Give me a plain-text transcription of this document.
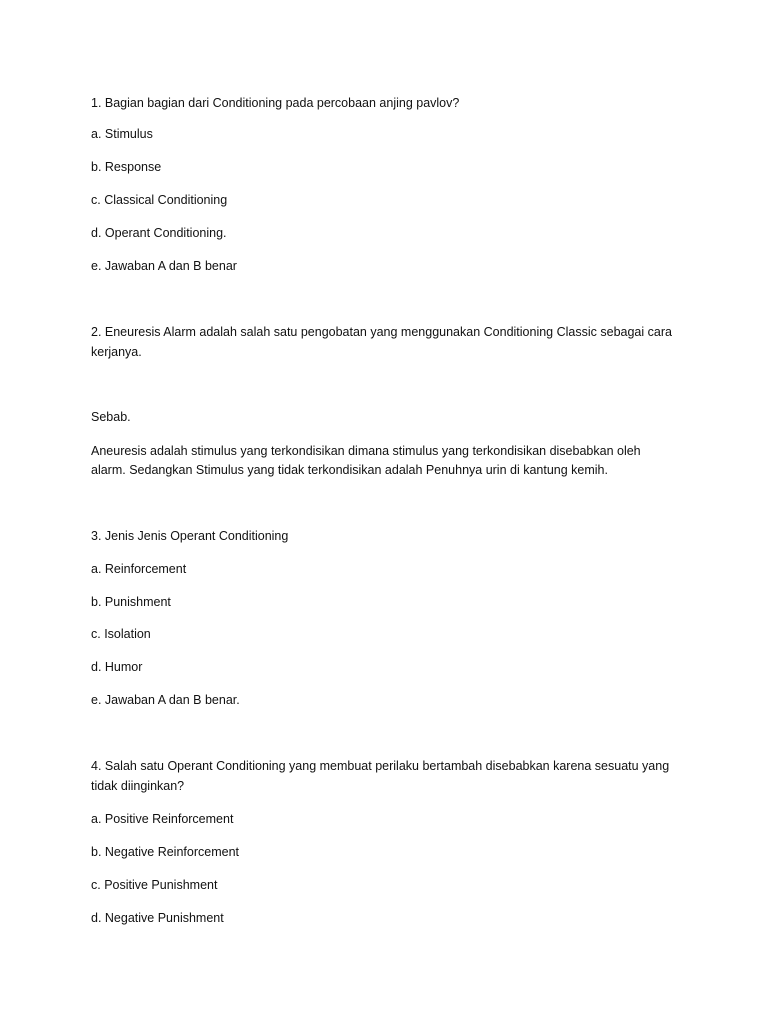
1. Bagian bagian dari Conditioning pada percobaan anjing pavlov?
a. Stimulus
b. Response
c. Classical Conditioning
d. Operant Conditioning.
e. Jawaban A dan B benar
2. Eneuresis Alarm adalah salah satu pengobatan yang menggunakan Conditioning Classic sebagai cara
kerjanya.
Sebab.
Aneuresis adalah stimulus yang terkondisikan dimana stimulus yang terkondisikan disebabkan oleh
alarm. Sedangkan Stimulus yang tidak terkondisikan adalah Penuhnya urin di kantung kemih.
3. Jenis Jenis Operant Conditioning
a. Reinforcement
b. Punishment
c. Isolation
d. Humor
e. Jawaban A dan B benar.
4. Salah satu Operant Conditioning yang membuat perilaku bertambah disebabkan karena sesuatu yang
tidak diinginkan?
a. Positive Reinforcement
b. Negative Reinforcement
c. Positive Punishment
d. Negative Punishment
